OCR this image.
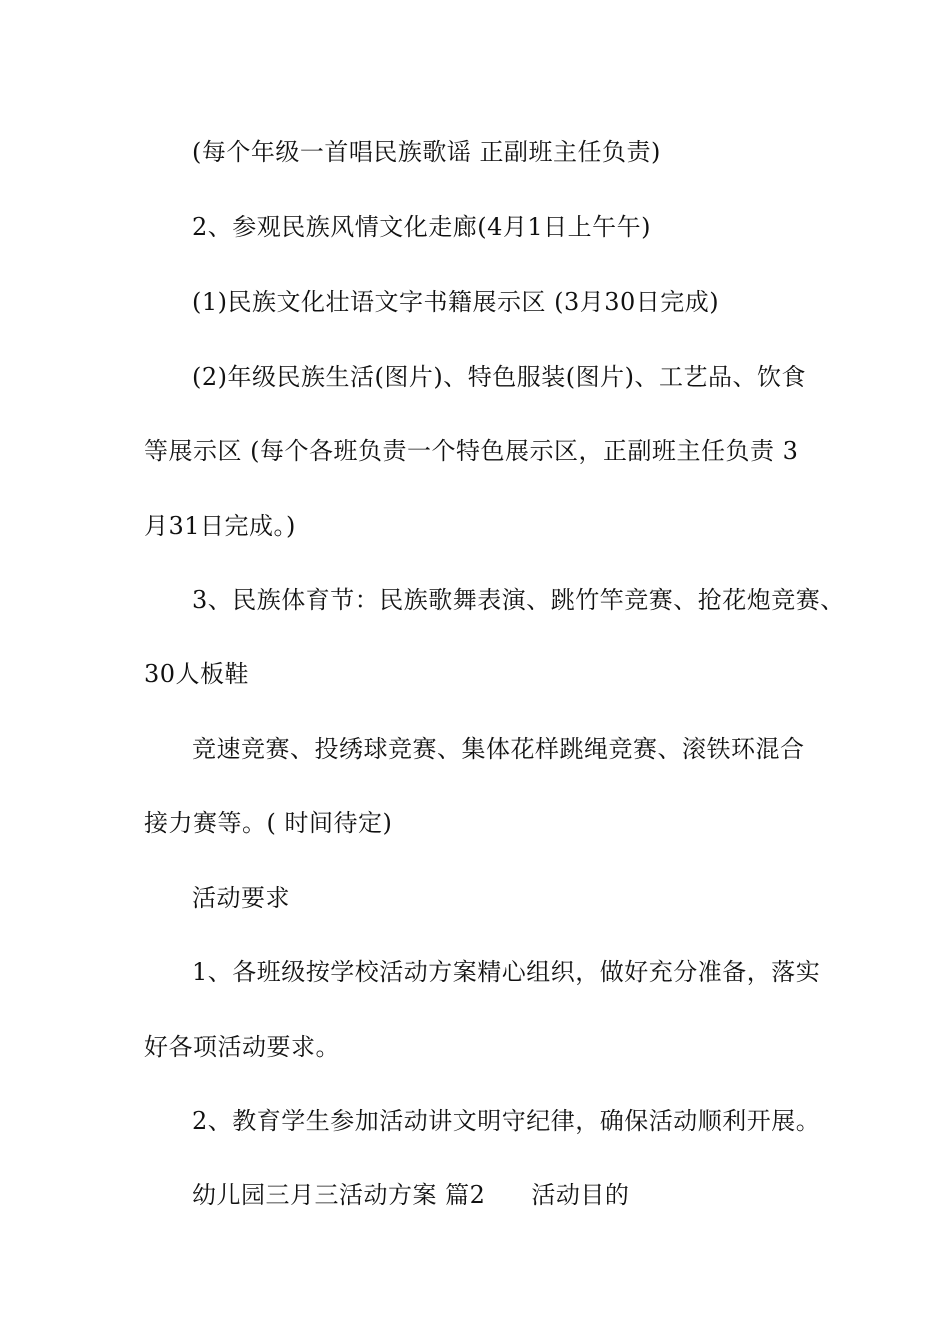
(每个年级一首唱民族歌谣 正副班主任负责)
2、参观民族风情文化走廊(4月1日上午午)
(1)民族文化壮语文字书籍展示区 (3月30日完成)
(2)年级民族生活(图片)、特色服装(图片)、工艺品、饮食
等展示区 (每个各班负责一个特色展示区，正副班主任负责 3
月31日完成。)
3、民族体育节：民族歌舞表演、跳竹竿竞赛、抢花炮竞赛、
30人板鞋
竞速竞赛、投绣球竞赛、集体花样跳绳竞赛、滚铁环混合
接力赛等。( 时间待定)
活动要求
1、各班级按学校活动方案精心组织，做好充分准备，落实
好各项活动要求。
2、教育学生参加活动讲文明守纪律，确保活动顺利开展。
幼儿园三月三活动方案 篇2 活动目的
